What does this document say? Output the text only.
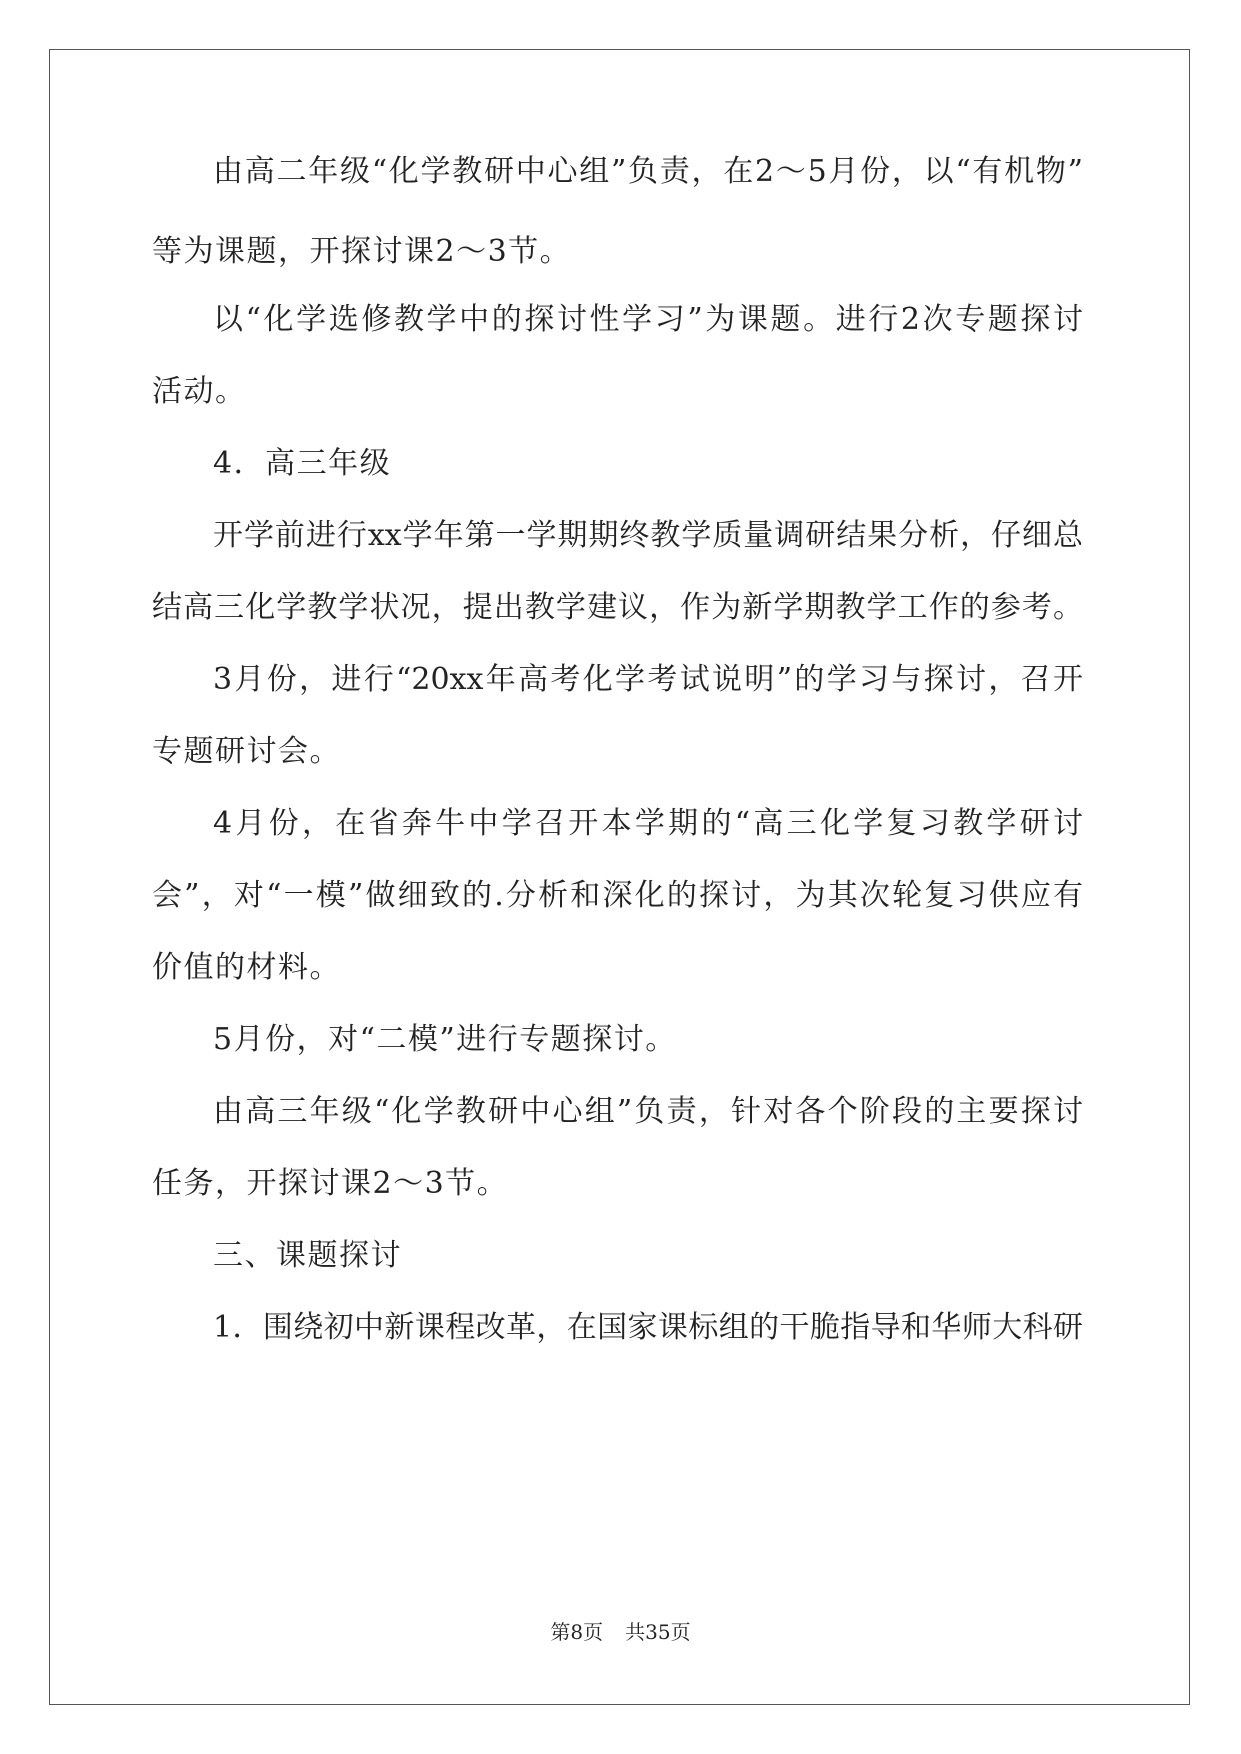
由高二年级“化学教研中心组”负责，在2～5月份，以“有机物”
等为课题，开探讨课2～3节。
以“化学选修教学中的探讨性学习”为课题。进行2次专题探讨
活动。
4．高三年级
开学前进行xx学年第一学期期终教学质量调研结果分析，仔细总
结高三化学教学状况，提出教学建议，作为新学期教学工作的参考。
3月份，进行“20xx年高考化学考试说明”的学习与探讨，召开
专题研讨会。
4月份，在省奔牛中学召开本学期的“高三化学复习教学研讨
会”，对“一模”做细致的.分析和深化的探讨，为其次轮复习供应有
价值的材料。
5月份，对“二模”进行专题探讨。
由高三年级“化学教研中心组”负责，针对各个阶段的主要探讨
任务，开探讨课2～3节。
三、课题探讨
1．围绕初中新课程改革，在国家课标组的干脆指导和华师大科研
第8页 共35页
